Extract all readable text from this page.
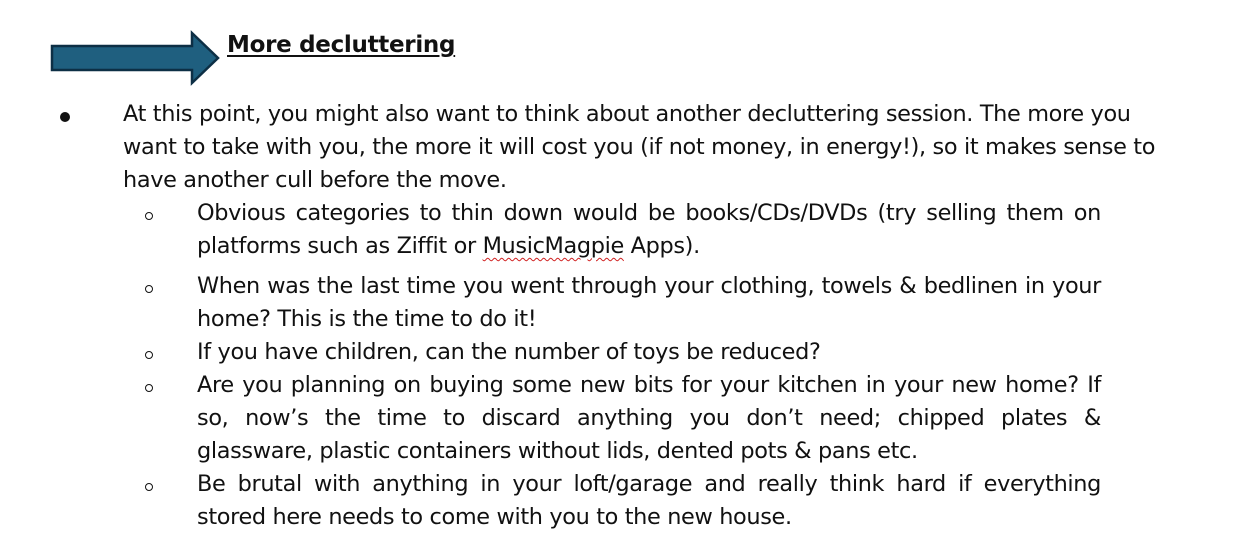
More decluttering
At this point, you might also want to think about another decluttering session. The more you want to take with you, the more it will cost you (if not money, in energy!), so it makes sense to have another cull before the move.
Obvious categories to thin down would be books/CDs/DVDs (try selling them on platforms such as Ziffit or MusicMagpie Apps).
When was the last time you went through your clothing, towels & bedlinen in your home? This is the time to do it!
If you have children, can the number of toys be reduced?
Are you planning on buying some new bits for your kitchen in your new home? If so, now’s the time to discard anything you don’t need; chipped plates & glassware, plastic containers without lids, dented pots & pans etc.
Be brutal with anything in your loft/garage and really think hard if everything stored here needs to come with you to the new house.
